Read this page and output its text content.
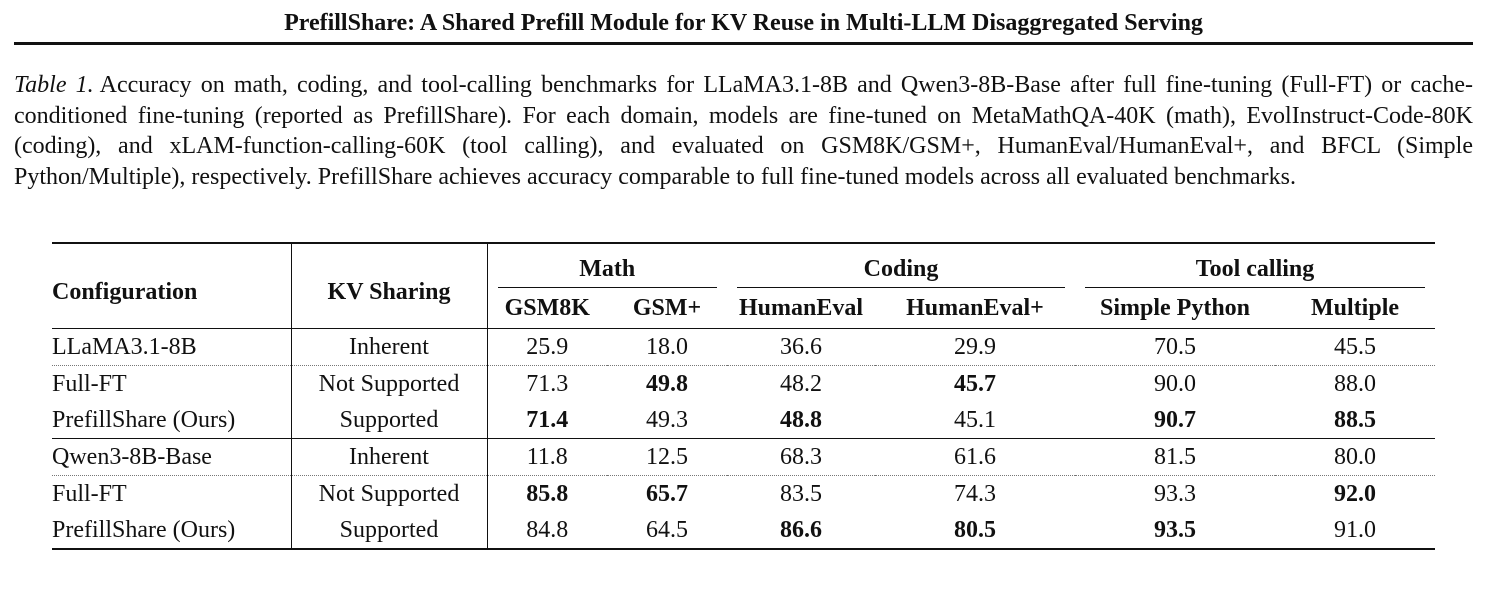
PrefillShare: A Shared Prefill Module for KV Reuse in Multi-LLM Disaggregated Serving
Table 1. Accuracy on math, coding, and tool-calling benchmarks for LLaMA3.1-8B and Qwen3-8B-Base after full fine-tuning (Full-FT) or cache-conditioned fine-tuning (reported as PrefillShare). For each domain, models are fine-tuned on MetaMathQA-40K (math), EvolInstruct-Code-80K (coding), and xLAM-function-calling-60K (tool calling), and evaluated on GSM8K/GSM+, HumanEval/HumanEval+, and BFCL (Simple Python/Multiple), respectively. PrefillShare achieves accuracy comparable to full fine-tuned models across all evaluated benchmarks.
Configuration	KV Sharing	Math		Coding		Tool calling	

		GSM8K	GSM+	HumanEval	HumanEval+	Simple Python	Multiple
LLaMA3.1-8B	Inherent	25.9	18.0	36.6	29.9	70.5	45.5
Full-FT	Not Supported	71.3	49.8	48.2	45.7	90.0	88.0
PrefillShare (Ours)	Supported	71.4	49.3	48.8	45.1	90.7	88.5
Qwen3-8B-Base	Inherent	11.8	12.5	68.3	61.6	81.5	80.0
Full-FT	Not Supported	85.8	65.7	83.5	74.3	93.3	92.0
PrefillShare (Ours)	Supported	84.8	64.5	86.6	80.5	93.5	91.0
